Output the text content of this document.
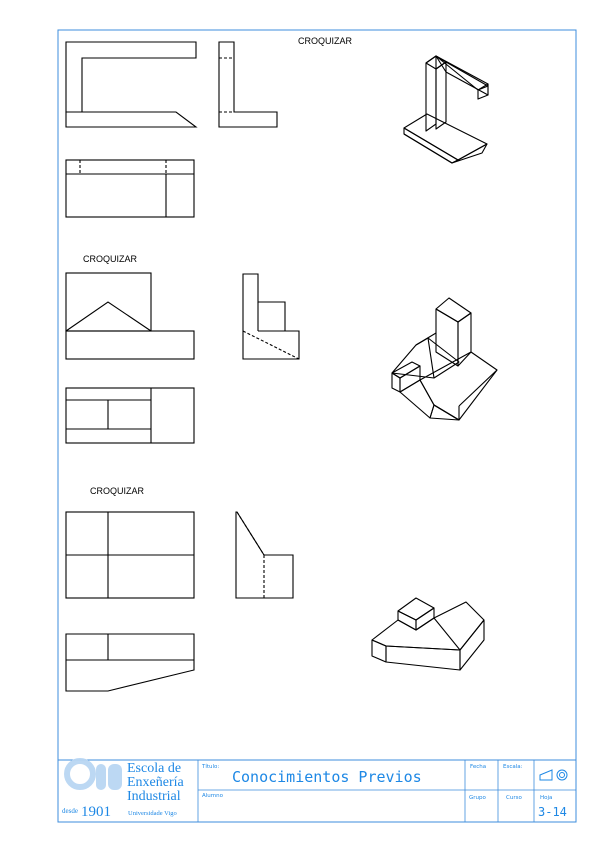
CROQUIZAR
CROQUIZAR
CROQUIZAR
Escola de
Enxeñería
Industrial
desde 1901	Universidade Vigo
Título:
Conocimientos Previos
Alumno
Fecha	Escala:
Grupo	Curso	Hoja
3-14
